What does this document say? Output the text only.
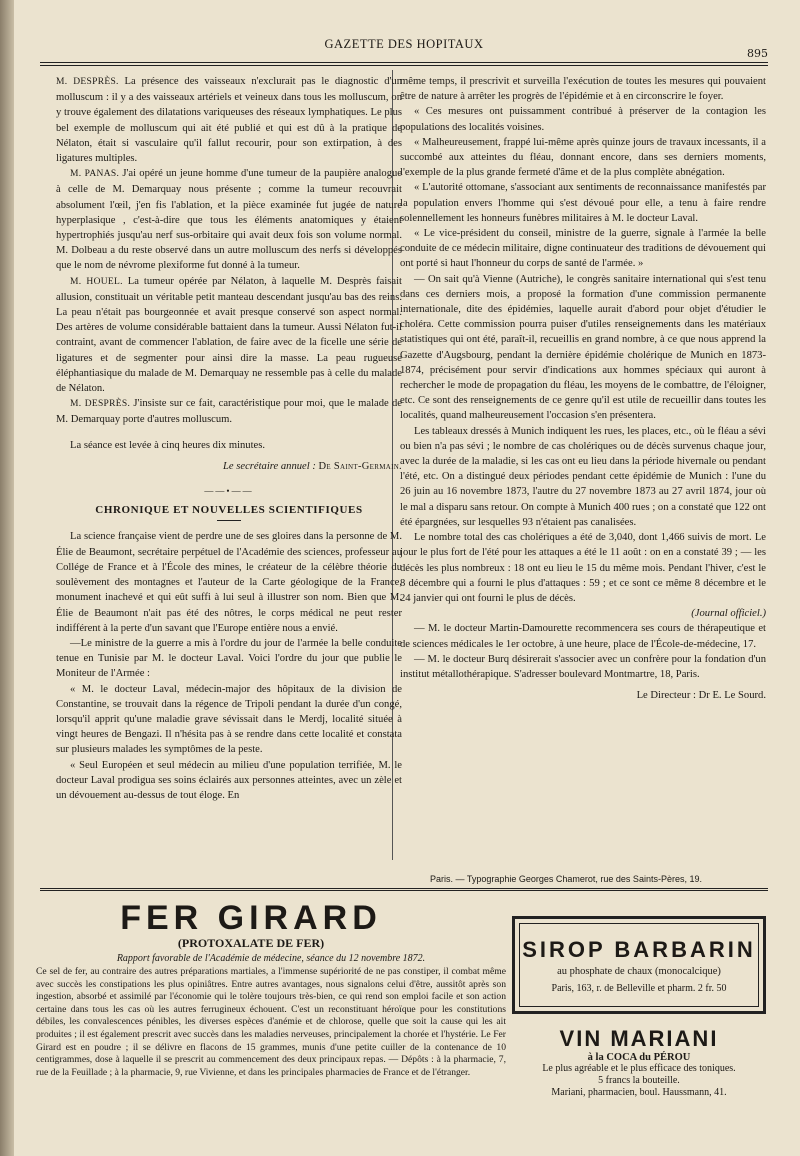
GAZETTE DES HOPITAUX
895

M. DESPRÈS. La présence des vaisseaux n'exclurait pas le diagnostic d'un molluscum : il y a des vaisseaux artériels et veineux dans tous les molluscum, on y trouve également des dilatations variqueuses des réseaux lymphatiques. Le plus bel exemple de molluscum qui ait été publié et qui est dû à la pratique de Nélaton, était si vasculaire qu'il fallut recourir, pour son extirpation, à des ligatures multiples.

M. PANAS. J'ai opéré un jeune homme d'une tumeur de la paupière analogue à celle de M. Demarquay nous présente ; comme la tumeur recouvrait absolument l'œil, j'en fis l'ablation, et la pièce examinée fut jugée de nature hyperplasique , c'est-à-dire que tous les éléments anatomiques y étaient hypertrophiés jusqu'au nerf sus-orbitaire qui avait deux fois son volume normal. M. Dolbeau a du reste observé dans un autre molluscum des nerfs si développés que le nom de névrome plexiforme fut donné à la tumeur.

M. HOUEL. La tumeur opérée par Nélaton, à laquelle M. Desprès faisait allusion, constituait un véritable petit manteau descendant jusqu'au bas des reins. La peau n'était pas bourgeonnée et avait presque conservé son aspect normal. Des artères de volume considérable battaient dans la tumeur. Aussi Nélaton fut-il contraint, avant de commencer l'ablation, de faire avec de la ficelle une série de ligatures et de segmenter pour ainsi dire la masse. La peau rugueuse éléphantiasique du malade de M. Demarquay ne ressemble pas à celle du malade de Nélaton.

M. DESPRÈS. J'insiste sur ce fait, caractéristique pour moi, que le malade de M. Demarquay porte d'autres molluscum.

La séance est levée à cinq heures dix minutes.

Le secrétaire annuel : De Saint-Germain.

——•——

CHRONIQUE ET NOUVELLES SCIENTIFIQUES

La science française vient de perdre une de ses gloires dans la personne de M. Élie de Beaumont, secrétaire perpétuel de l'Académie des sciences, professeur au Collége de France et à l'École des mines, le créateur de la célèbre théorie du soulèvement des montagnes et l'auteur de la Carte géologique de la France, monument inachevé et qui eût suffi à lui seul à illustrer son nom. Bien que M. Élie de Beaumont n'ait pas été des nôtres, le corps médical ne peut rester indifférent à la perte d'un savant que l'Europe entière nous a envié.

—Le ministre de la guerre a mis à l'ordre du jour de l'armée la belle conduite tenue en Tunisie par M. le docteur Laval. Voici l'ordre du jour que publie le Moniteur de l'Armée :

« M. le docteur Laval, médecin-major des hôpitaux de la division de Constantine, se trouvait dans la régence de Tripoli pendant la durée d'un congé, lorsqu'il apprit qu'une maladie grave sévissait dans le Merdj, localité située à vingt heures de Bengazi. Il n'hésita pas à se rendre dans cette localité et constata sur plusieurs malades les symptômes de la peste.

« Seul Européen et seul médecin au milieu d'une population terrifiée, M. le docteur Laval prodigua ses soins éclairés aux personnes atteintes, avec un zèle et un dévouement au-dessus de tout éloge. En

même temps, il prescrivit et surveilla l'exécution de toutes les mesures qui pouvaient être de nature à arrêter les progrès de l'épidémie et à en circonscrire le foyer.

« Ces mesures ont puissamment contribué à préserver de la contagion les populations des localités voisines.

« Malheureusement, frappé lui-même après quinze jours de travaux incessants, il a succombé aux atteintes du fléau, donnant encore, dans ses derniers moments, l'exemple de la plus grande fermeté d'âme et de la plus complète abnégation.

« L'autorité ottomane, s'associant aux sentiments de reconnaissance manifestés par la population envers l'homme qui s'est dévoué pour elle, a tenu à faire rendre solennellement les honneurs funèbres militaires à M. le docteur Laval.

« Le vice-président du conseil, ministre de la guerre, signale à l'armée la belle conduite de ce médecin militaire, digne continuateur des traditions de dévouement qui ont porté si haut l'honneur du corps de santé de l'armée. »

— On sait qu'à Vienne (Autriche), le congrès sanitaire international qui s'est tenu dans ces derniers mois, a proposé la formation d'une commission permanente internationale, dite des épidémies, laquelle aurait d'abord pour objet d'étudier le choléra. Cette commission pourra puiser d'utiles renseignements dans les matériaux statistiques qui ont été, paraît-il, recueillis en grand nombre, à ce que nous apprend la Gazette d'Augsbourg, pendant la dernière épidémie cholérique de Munich en 1873-1874, précisément pour servir d'indications aux hommes spéciaux qui auront à rechercher le mode de propagation du fléau, les moyens de le combattre, de l'éloigner, etc. Ce sont des renseignements de ce genre qu'il est utile de recueillir dans toutes les localités, quand malheureusement l'occasion s'en présentera.

Les tableaux dressés à Munich indiquent les rues, les places, etc., où le fléau a sévi ou bien n'a pas sévi ; le nombre de cas cholériques ou de décès survenus chaque jour, avec la durée de la maladie, si les cas ont eu lieu dans la période hivernale ou pendant l'été, etc. On a distingué deux périodes pendant cette épidémie de Munich : l'une du 26 juin au 16 novembre 1873, l'autre du 27 novembre 1873 au 27 avril 1874, jour où le mal a disparu sans retour. On compte à Munich 400 rues ; on a constaté que 122 ont été épargnées, sur lesquelles 93 n'étaient pas canalisées.

Le nombre total des cas cholériques a été de 3,040, dont 1,466 suivis de mort. Le jour le plus fort de l'été pour les attaques a été le 11 août : on en a constaté 39 ; — les décès les plus nombreux : 18 ont eu lieu le 15 du même mois. Pendant l'hiver, c'est le 8 décembre qui a fourni le plus d'attaques : 59 ; et ce sont ce même 8 décembre et le 24 janvier qui ont fourni le plus de décès.

(Journal officiel.)

— M. le docteur Martin-Damourette recommencera ses cours de thérapeutique et de sciences médicales le 1er octobre, à une heure, place de l'École-de-médecine, 17.

— M. le docteur Burq désirerait s'associer avec un confrère pour la fondation d'un institut métallothérapique. S'adresser boulevard Montmartre, 18, Paris.

Le Directeur : Dr E. Le Sourd.

Paris. — Typographie Georges Chamerot, rue des Saints-Pères, 19.
FER GIRARD
(PROTOXALATE DE FER)
Rapport favorable de l'Académie de médecine, séance du 12 novembre 1872.
Ce sel de fer, au contraire des autres préparations martiales, a l'immense supériorité de ne pas constiper, il combat même avec succès les constipations les plus opiniâtres. Entre autres avantages, nous signalons celui d'être, aussitôt après son ingestion, absorbé et assimilé par l'économie qui le tolère toujours très-bien, ce qui rend son emploi facile et son action certaine dans tous les cas où les autres ferrugineux échouent. C'est un reconstituant héroïque pour les constitutions débiles, les convalescences pénibles, les diverses espèces d'anémie et de chlorose, quelle que soit la cause qui les ait produites ; il est également prescrit avec succès dans les maladies nerveuses, principalement la chorée et l'hystérie. Le Fer Girard est en poudre ; il se délivre en flacons de 15 grammes, munis d'une petite cuiller de la contenance de 10 centigrammes, dose à laquelle il se prescrit au commencement des deux principaux repas. — Dépôts : à la pharmacie, 7, rue de la Feuillade ; à la pharmacie, 9, rue Vivienne, et dans les principales pharmacies de France et de l'étranger.
SIROP BARBARIN
au phosphate de chaux (monocalcique)
Paris, 163, r. de Belleville et pharm. 2 fr. 50
VIN MARIANI
à la COCA du PÉROU
Le plus agréable et le plus efficace des toniques.
5 francs la bouteille.
Mariani, pharmacien, boul. Haussmann, 41.
